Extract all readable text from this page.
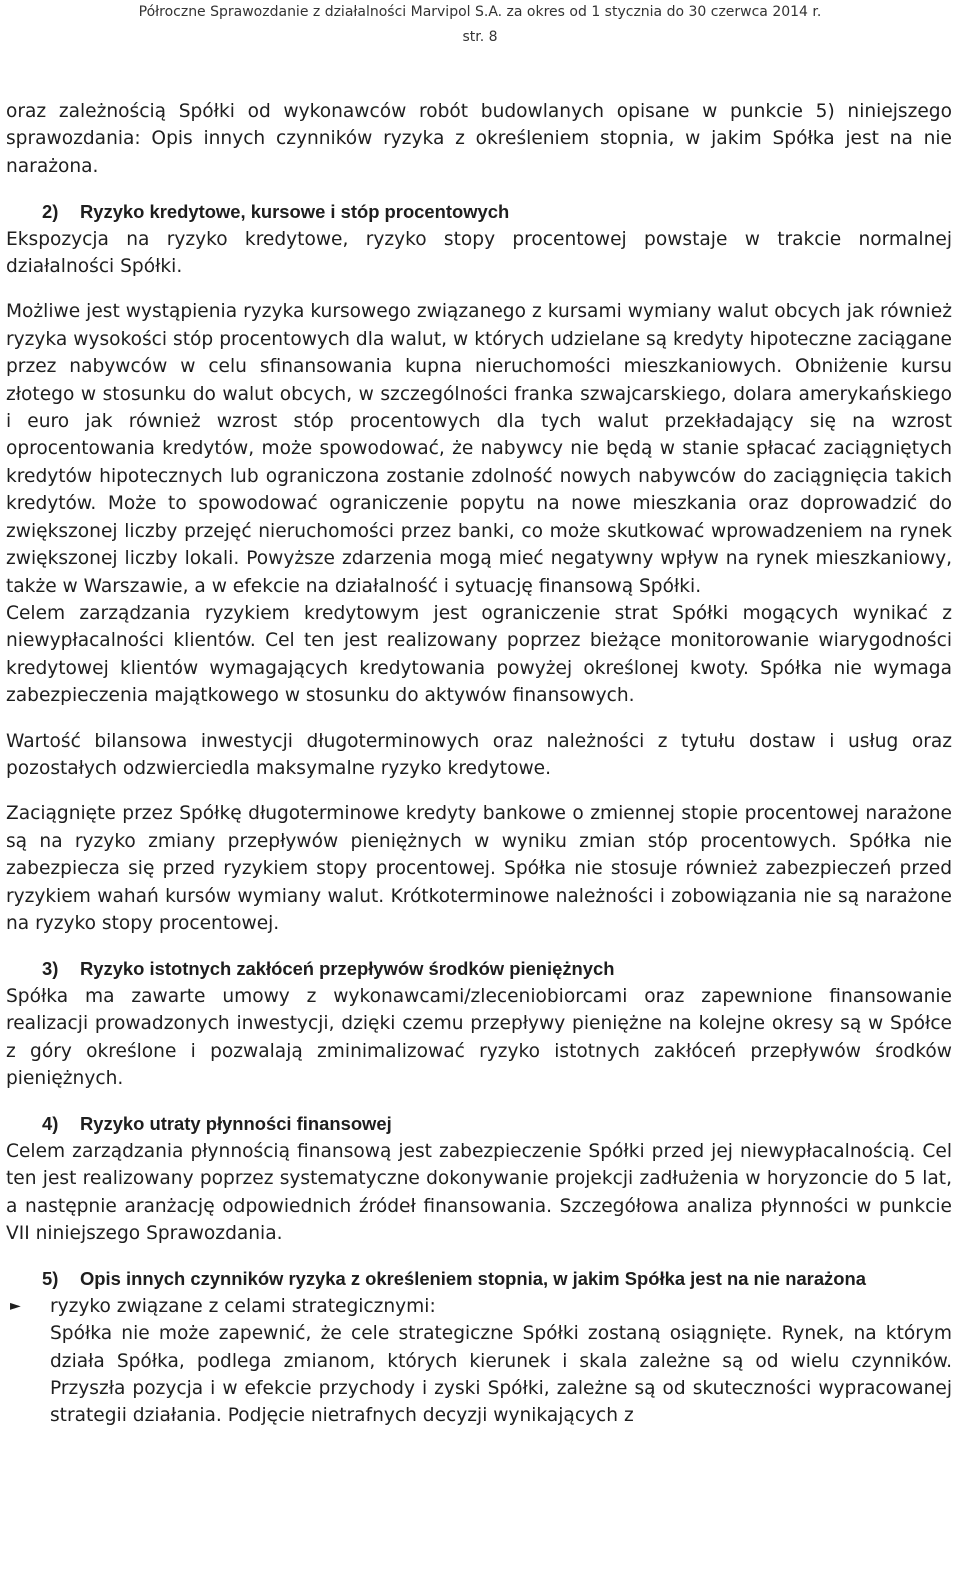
Półroczne Sprawozdanie z działalności Marvipol S.A. za okres od 1 stycznia do 30 czerwca 2014 r.
str. 8

oraz zależnością Spółki od wykonawców robót budowlanych opisane w punkcie 5) niniejszego sprawozdania: Opis innych czynników ryzyka z określeniem stopnia, w jakim Spółka jest na nie narażona.

2)	Ryzyko kredytowe, kursowe i stóp procentowych

Ekspozycja na ryzyko kredytowe, ryzyko stopy procentowej powstaje w trakcie normalnej działalności Spółki.

Możliwe jest wystąpienia ryzyka kursowego związanego z kursami wymiany walut obcych jak również ryzyka wysokości stóp procentowych dla walut, w których udzielane są kredyty hipoteczne zaciągane przez nabywców w celu sfinansowania kupna nieruchomości mieszkaniowych. Obniżenie kursu złotego w stosunku do walut obcych, w szczególności franka szwajcarskiego, dolara amerykańskiego i euro jak również wzrost stóp procentowych dla tych walut przekładający się na wzrost oprocentowania kredytów, może spowodować, że nabywcy nie będą w stanie spłacać zaciągniętych kredytów hipotecznych lub ograniczona zostanie zdolność nowych nabywców do zaciągnięcia takich kredytów. Może to spowodować ograniczenie popytu na nowe mieszkania oraz doprowadzić do zwiększonej liczby przejęć nieruchomości przez banki, co może skutkować wprowadzeniem na rynek zwiększonej liczby lokali. Powyższe zdarzenia mogą mieć negatywny wpływ na rynek mieszkaniowy, także w Warszawie, a w efekcie na działalność i sytuację finansową Spółki.

Celem zarządzania ryzykiem kredytowym jest ograniczenie strat Spółki mogących wynikać z niewypłacalności klientów. Cel ten jest realizowany poprzez bieżące monitorowanie wiarygodności kredytowej klientów wymagających kredytowania powyżej określonej kwoty. Spółka nie wymaga zabezpieczenia majątkowego w stosunku do aktywów finansowych.

Wartość bilansowa inwestycji długoterminowych oraz należności z tytułu dostaw i usług oraz pozostałych odzwierciedla maksymalne ryzyko kredytowe.

Zaciągnięte przez Spółkę długoterminowe kredyty bankowe o zmiennej stopie procentowej narażone są na ryzyko zmiany przepływów pieniężnych w wyniku zmian stóp procentowych. Spółka nie zabezpiecza się przed ryzykiem stopy procentowej. Spółka nie stosuje również zabezpieczeń przed ryzykiem wahań kursów wymiany walut. Krótkoterminowe należności i zobowiązania nie są narażone na ryzyko stopy procentowej.

3)	Ryzyko istotnych zakłóceń przepływów środków pieniężnych

Spółka ma zawarte umowy z wykonawcami/zleceniobiorcami oraz zapewnione finansowanie realizacji prowadzonych inwestycji, dzięki czemu przepływy pieniężne na kolejne okresy są w Spółce z góry określone i pozwalają zminimalizować ryzyko istotnych zakłóceń przepływów środków pieniężnych.

4)	Ryzyko utraty płynności finansowej

Celem zarządzania płynnością finansową jest zabezpieczenie Spółki przed jej niewypłacalnością. Cel ten jest realizowany poprzez systematyczne dokonywanie projekcji zadłużenia w horyzoncie do 5 lat, a następnie aranżację odpowiednich źródeł finansowania. Szczegółowa analiza płynności w punkcie VII niniejszego Sprawozdania.

5)	Opis innych czynników ryzyka z określeniem stopnia, w jakim Spółka jest na nie narażona
► ryzyko związane z celami strategicznymi:

Spółka nie może zapewnić, że cele strategiczne Spółki zostaną osiągnięte. Rynek, na którym działa Spółka, podlega zmianom, których kierunek i skala zależne są od wielu czynników. Przyszła pozycja i w efekcie przychody i zyski Spółki, zależne są od skuteczności wypracowanej strategii działania. Podjęcie nietrafnych decyzji wynikających z
